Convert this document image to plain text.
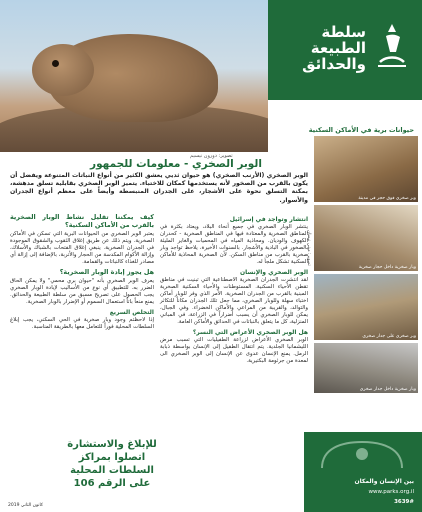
سلطة
الطبيعة
والحدائق
تصوير: دورون نيسيم
الوبر الصخري - معلومات للجمهور
حيوانات برية في الأماكن السكنية
وبر صخري فوق حجر في مدينة
وبار صخرية داخل حجار صخرية
وبر صخري على جدار صخري
وبار صخرية داخل جدار صخري
تصوير: ميني نيسان
الوبر الصخري (الأرنب الصخري) هو حيوان ثديي يعشق الكثير من أنواع النباتات المتنوعة ويفضل أن يكون بالقرب من الصخور لأنه يستخدمها كمكان للاختباء. يتميز الوبر الصخري بقابلية تسلق مدهشة، بمكنة التسلق نحوة على الأشجار، على الجدران المنبسطة وأيضاً على معظم أنواع الجدران والأسوار.
انتشار وتواجد في إسرائيل
ينتشر الوبار الصخري في جميع أنحاء البلاد، ويعتاد بكثرة في المناطق الصخرية والمعتادة فيها في المناطق الصخرية - كحدران الكهوف والوديان. ومحاذية المياه في المحميات والغاير المليئة بالصخور في البادية والأشجار. بالسنوات الأخيرة، يلاحظ تواجد وبار صخرية بالقرب من مناطق السكن. لأن الصخرية المحاذية للأماكن السكنية تشكل ملجأ له.
الوبر الصخري والإنسان
لقد انتشرت الجدران الصخرية الاصطناعية التي تبنيت في مناطق تقطن الأحياء السكنية. المستوطنات والأحياء السكنية الصخرية المبنية بالقرب من الجدران الصخرية. الأمر الذي وفر للوبار أماكن اختباء سهلة وللوبار الصخري، مما جعل تلك الجدران مكاناً للتكاثر والتوالد، والقريبة من المراعي والأماكن الخضراء. وفي الجبال، يمكن للوبار الصخري أن يسبب أضراراً في الزراعة، في المباني المنزلية، كل ما يتعلق بالنباتات في الحدائق والأماكن العامة.
هل الوبر الصخري الأعراض التي النسر؟
الوبر الصخري الأعراض لزراعة الطفيليات التي تسبب مرض الليشمانيا الجلدية. يتم انتقال الطفيل إلى الإنسان بواسطة ذبابة الرمل. يمنع الإنسان عدوى عن الإنسان إلى الوبر الصخري الى لمعدة من جرثومة البكتيرية.
كيف يمكننا تقليل نشاط الوبار الصخرية بالقرب من الأماكن السكنية؟
يعتبر الوبر الصخري من الحيوانات البرية التي تسكن في الأماكن الصخرية. ويتم ذلك عن طريق إغلاق الثقوب والشقوق الموجودة في الجدران الصخرية. ينبغي إغلاق الفتحات بالشباك والأسلاك، وإزالة الأكوام المكدسة من الحجار والأتربة، بالإضافة إلى إزالة أي مصادر للغذاء كالنباتات والقمامة.
هل يجوز إبادة الوبار الصخرية؟
يعرف الوبر الصخري بأنه "حيوان بري محمي" ولا يمكن الحاق الضرر به. للتطبيق أي نوع من الأساليب لإبادة الوبار الصخري يجب الحصول على تصريح مسبق من سلطة الطبيعة والحدائق. يمنع منعاً باتاً استعمال السموم أو الإضرار بالوبار الصخرية.
التخلص السريع
إذا لاحظتم وجود وبار صخرية في الحي السكني، يجب إبلاغ السلطات المحلية فوراً للتعامل معها بالطريقة المناسبة.
للإبلاغ والاستشارة
اتصلوا بمراكز
السلطات المحلية
على الرقم 106	بين الإنسان والمكان
www.parks.org.il
3639#
كانون الثاني 2019
